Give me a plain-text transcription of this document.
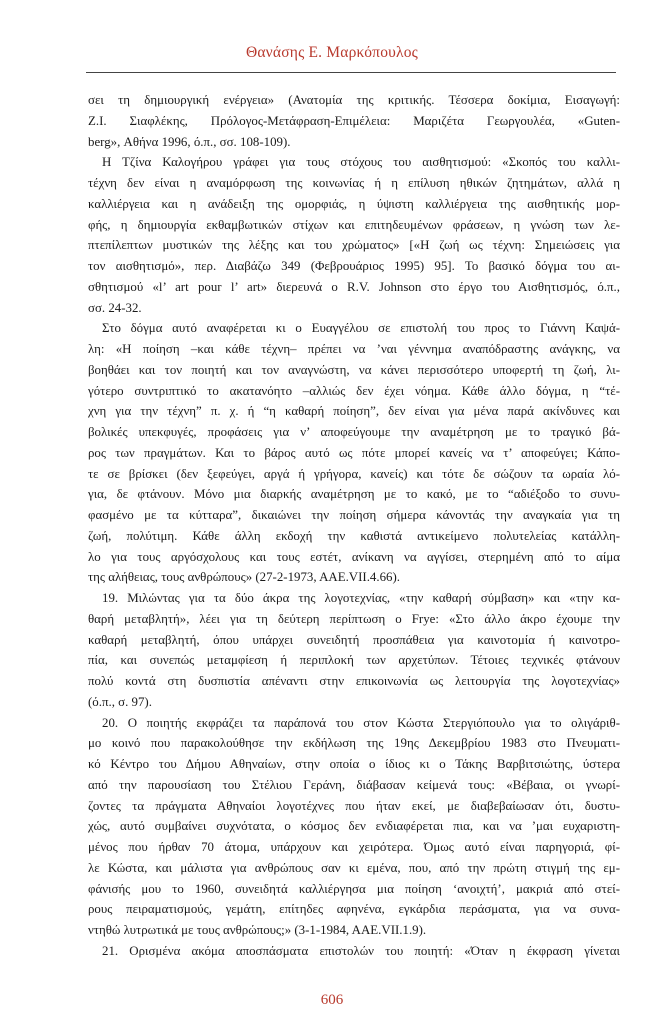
Θανάσης Ε. Μαρκόπουλος
σει τη δημιουργική ενέργεια» (Ανατομία της κριτικής. Τέσσερα δοκίμια, Εισαγωγή:
Ζ.Ι. Σιαφλέκης, Πρόλογος-Μετάφραση-Επιμέλεια: Μαριζέτα Γεωργουλέα, «Guten-
berg», Αθήνα 1996, ό.π., σσ. 108-109).
Η Τζίνα Καλογήρου γράφει για τους στόχους του αισθητισμού: «Σκοπός του καλλι-
τέχνη δεν είναι η αναμόρφωση της κοινωνίας ή η επίλυση ηθικών ζητημάτων, αλλά η
καλλιέργεια και η ανάδειξη της ομορφιάς, η ύψιστη καλλιέργεια της αισθητικής μορ-
φής, η δημιουργία εκθαμβωτικών στίχων και επιτηδευμένων φράσεων, η γνώση των λε-
πτεπίλεπτων μυστικών της λέξης και του χρώματος» [«Η ζωή ως τέχνη: Σημειώσεις για
τον αισθητισμό», περ. Διαβάζω 349 (Φεβρουάριος 1995) 95]. Το βασικό δόγμα του αι-
σθητισμού «l’ art pour l’ art» διερευνά ο R.V. Johnson στο έργο του Αισθητισμός, ό.π.,
σσ. 24-32.
Στο δόγμα αυτό αναφέρεται κι ο Ευαγγέλου σε επιστολή του προς το Γιάννη Καψά-
λη: «Η ποίηση –και κάθε τέχνη– πρέπει να ’ναι γέννημα αναπόδραστης ανάγκης, να
βοηθάει και τον ποιητή και τον αναγνώστη, να κάνει περισσότερο υποφερτή τη ζωή, λι-
γότερο συντριπτικό το ακατανόητο –αλλιώς δεν έχει νόημα. Κάθε άλλο δόγμα, η “τέ-
χνη για την τέχνη” π. χ. ή “η καθαρή ποίηση”, δεν είναι για μένα παρά ακίνδυνες και
βολικές υπεκφυγές, προφάσεις για ν’ αποφεύγουμε την αναμέτρηση με το τραγικό βά-
ρος των πραγμάτων. Και το βάρος αυτό ως πότε μπορεί κανείς να τ’ αποφεύγει; Κάπο-
τε σε βρίσκει (δεν ξεφεύγει, αργά ή γρήγορα, κανείς) και τότε δε σώζουν τα ωραία λό-
για, δε φτάνουν. Μόνο μια διαρκής αναμέτρηση με το κακό, με το “αδιέξοδο το συνυ-
φασμένο με τα κύτταρα”, δικαιώνει την ποίηση σήμερα κάνοντάς την αναγκαία για τη
ζωή, πολύτιμη. Κάθε άλλη εκδοχή την καθιστά αντικείμενο πολυτελείας κατάλλη-
λο για τους αργόσχολους και τους εστέτ, ανίκανη να αγγίσει, στερημένη από το αίμα
της αλήθειας, τους ανθρώπους» (27-2-1973, ΑΑΕ.VII.4.66).
19. Μιλώντας για τα δύο άκρα της λογοτεχνίας, «την καθαρή σύμβαση» και «την κα-
θαρή μεταβλητή», λέει για τη δεύτερη περίπτωση ο Frye: «Στο άλλο άκρο έχουμε την
καθαρή μεταβλητή, όπου υπάρχει συνειδητή προσπάθεια για καινοτομία ή καινοτρο-
πία, και συνεπώς μεταμφίεση ή περιπλοκή των αρχετύπων. Τέτοιες τεχνικές φτάνουν
πολύ κοντά στη δυσπιστία απέναντι στην επικοινωνία ως λειτουργία της λογοτεχνίας»
(ό.π., σ. 97).
20. Ο ποιητής εκφράζει τα παράπονά του στον Κώστα Στεργιόπουλο για το ολιγάριθ-
μο κοινό που παρακολούθησε την εκδήλωση της 19ης Δεκεμβρίου 1983 στο Πνευματι-
κό Κέντρο του Δήμου Αθηναίων, στην οποία ο ίδιος κι ο Τάκης Βαρβιτσιώτης, ύστερα
από την παρουσίαση του Στέλιου Γεράνη, διάβασαν κείμενά τους: «Βέβαια, οι γνωρί-
ζοντες τα πράγματα Αθηναίοι λογοτέχνες που ήταν εκεί, με διαβεβαίωσαν ότι, δυστυ-
χώς, αυτό συμβαίνει συχνότατα, ο κόσμος δεν ενδιαφέρεται πια, και να ’μαι ευχαριστη-
μένος που ήρθαν 70 άτομα, υπάρχουν και χειρότερα. Όμως αυτό είναι παρηγοριά, φί-
λε Κώστα, και μάλιστα για ανθρώπους σαν κι εμένα, που, από την πρώτη στιγμή της εμ-
φάνισής μου το 1960, συνειδητά καλλιέργησα μια ποίηση ‘ανοιχτή’, μακριά από στεί-
ρους πειραματισμούς, γεμάτη, επίτηδες αφηνένα, εγκάρδια περάσματα, για να συνα-
ντηθώ λυτρωτικά με τους ανθρώπους;» (3-1-1984, ΑΑΕ.VII.1.9).
21. Ορισμένα ακόμα αποσπάσματα επιστολών του ποιητή: «Όταν η έκφραση γίνεται
606
